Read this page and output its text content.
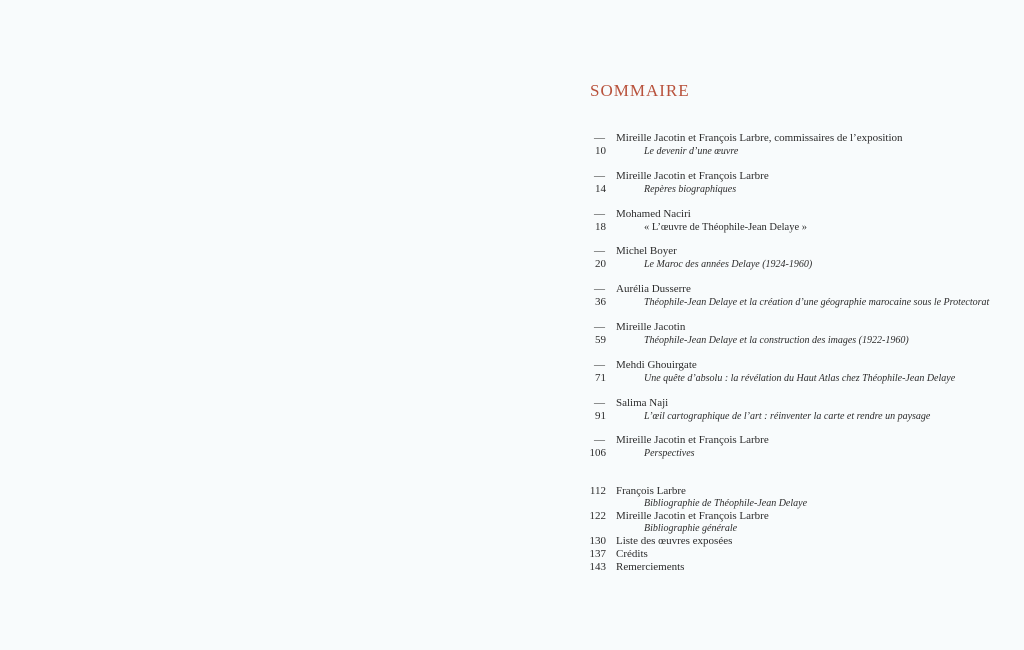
SOMMAIRE
— Mireille Jacotin et François Larbre, commissaires de l’exposition
10	Le devenir d’une œuvre
— Mireille Jacotin et François Larbre
14	Repères biographiques
— Mohamed Naciri
18	« L’œuvre de Théophile-Jean Delaye »
— Michel Boyer
20	Le Maroc des années Delaye (1924-1960)
— Aurélia Dusserre
36	Théophile-Jean Delaye et la création d’une géographie marocaine sous le Protectorat
— Mireille Jacotin
59	Théophile-Jean Delaye et la construction des images (1922-1960)
— Mehdi Ghouirgate
71	Une quête d’absolu : la révélation du Haut Atlas chez Théophile-Jean Delaye
— Salima Naji
91	L’œil cartographique de l’art : réinventer la carte et rendre un paysage
— Mireille Jacotin et François Larbre
106	Perspectives
112 François Larbre
Bibliographie de Théophile-Jean Delaye
122 Mireille Jacotin et François Larbre
Bibliographie générale
130 Liste des œuvres exposées
137 Crédits
143 Remerciements
